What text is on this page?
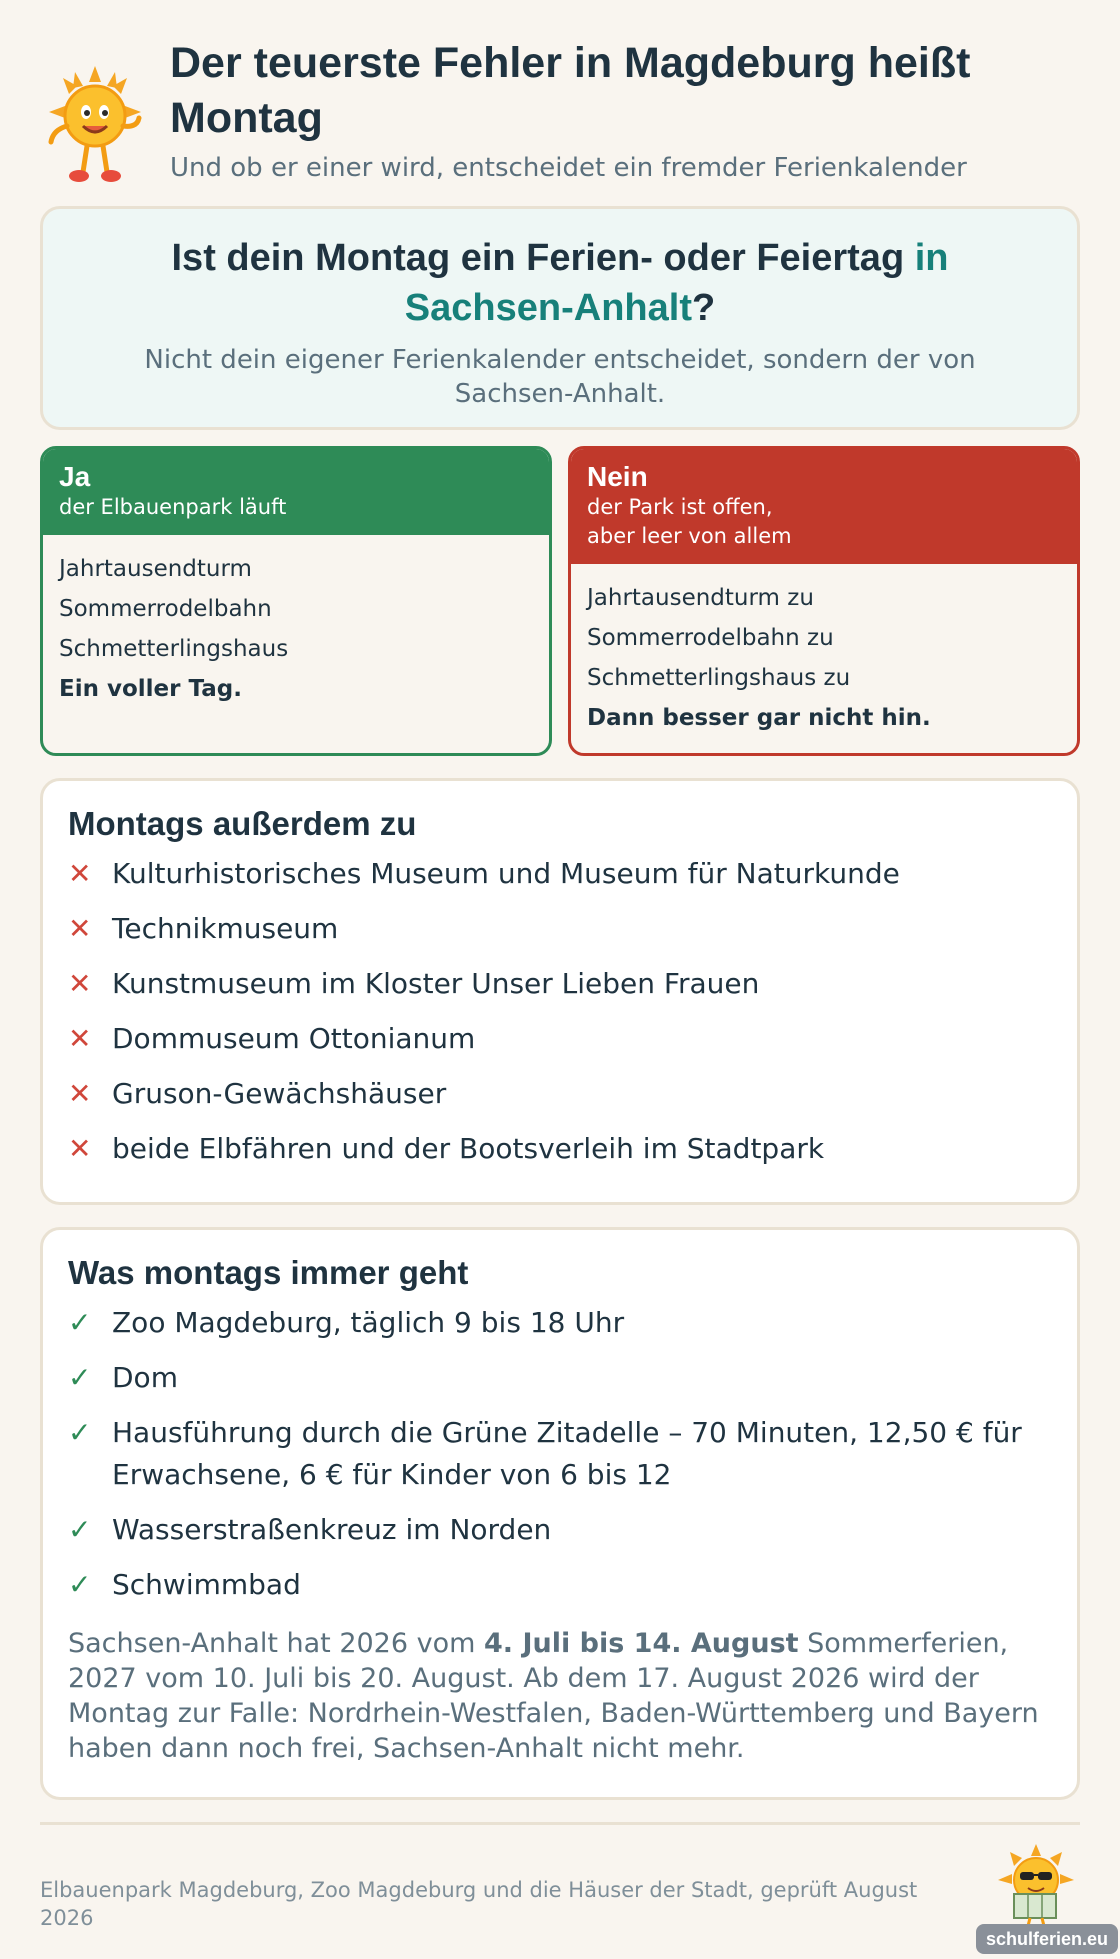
Der teuerste Fehler in Magdeburg heißt Montag

Und ob er einer wird, entscheidet ein fremder Ferienkalender

Ist dein Montag ein Ferien- oder Feiertag in Sachsen-Anhalt?

Nicht dein eigener Ferienkalender entscheidet, sondern der von Sachsen-Anhalt.

Ja
der Elbauenpark läuft
Jahrtausendturm
Sommerrodelbahn
Schmetterlingshaus
Ein voller Tag.
Nein
der Park ist offen,
aber leer von allem
Jahrtausendturm zu
Sommerrodelbahn zu
Schmetterlingshaus zu
Dann besser gar nicht hin.
Montags außerdem zu
✕ Kulturhistorisches Museum und Museum für Naturkunde
✕ Technikmuseum
✕ Kunstmuseum im Kloster Unser Lieben Frauen
✕ Dommuseum Ottonianum
✕ Gruson-Gewächshäuser
✕ beide Elbfähren und der Bootsverleih im Stadtpark
Was montags immer geht
✓ Zoo Magdeburg, täglich 9 bis 18 Uhr
✓ Dom
✓ Hausführung durch die Grüne Zitadelle – 70 Minuten, 12,50 € für Erwachsene, 6 € für Kinder von 6 bis 12
✓ Wasserstraßenkreuz im Norden
✓ Schwimmbad

Sachsen-Anhalt hat 2026 vom 4. Juli bis 14. August Sommerferien, 2027 vom 10. Juli bis 20. August. Ab dem 17. August 2026 wird der Montag zur Falle: Nordrhein-Westfalen, Baden-Württemberg und Bayern haben dann noch frei, Sachsen-Anhalt nicht mehr.

Elbauenpark Magdeburg, Zoo Magdeburg und die Häuser der Stadt, geprüft August 2026

schulferien.eu
